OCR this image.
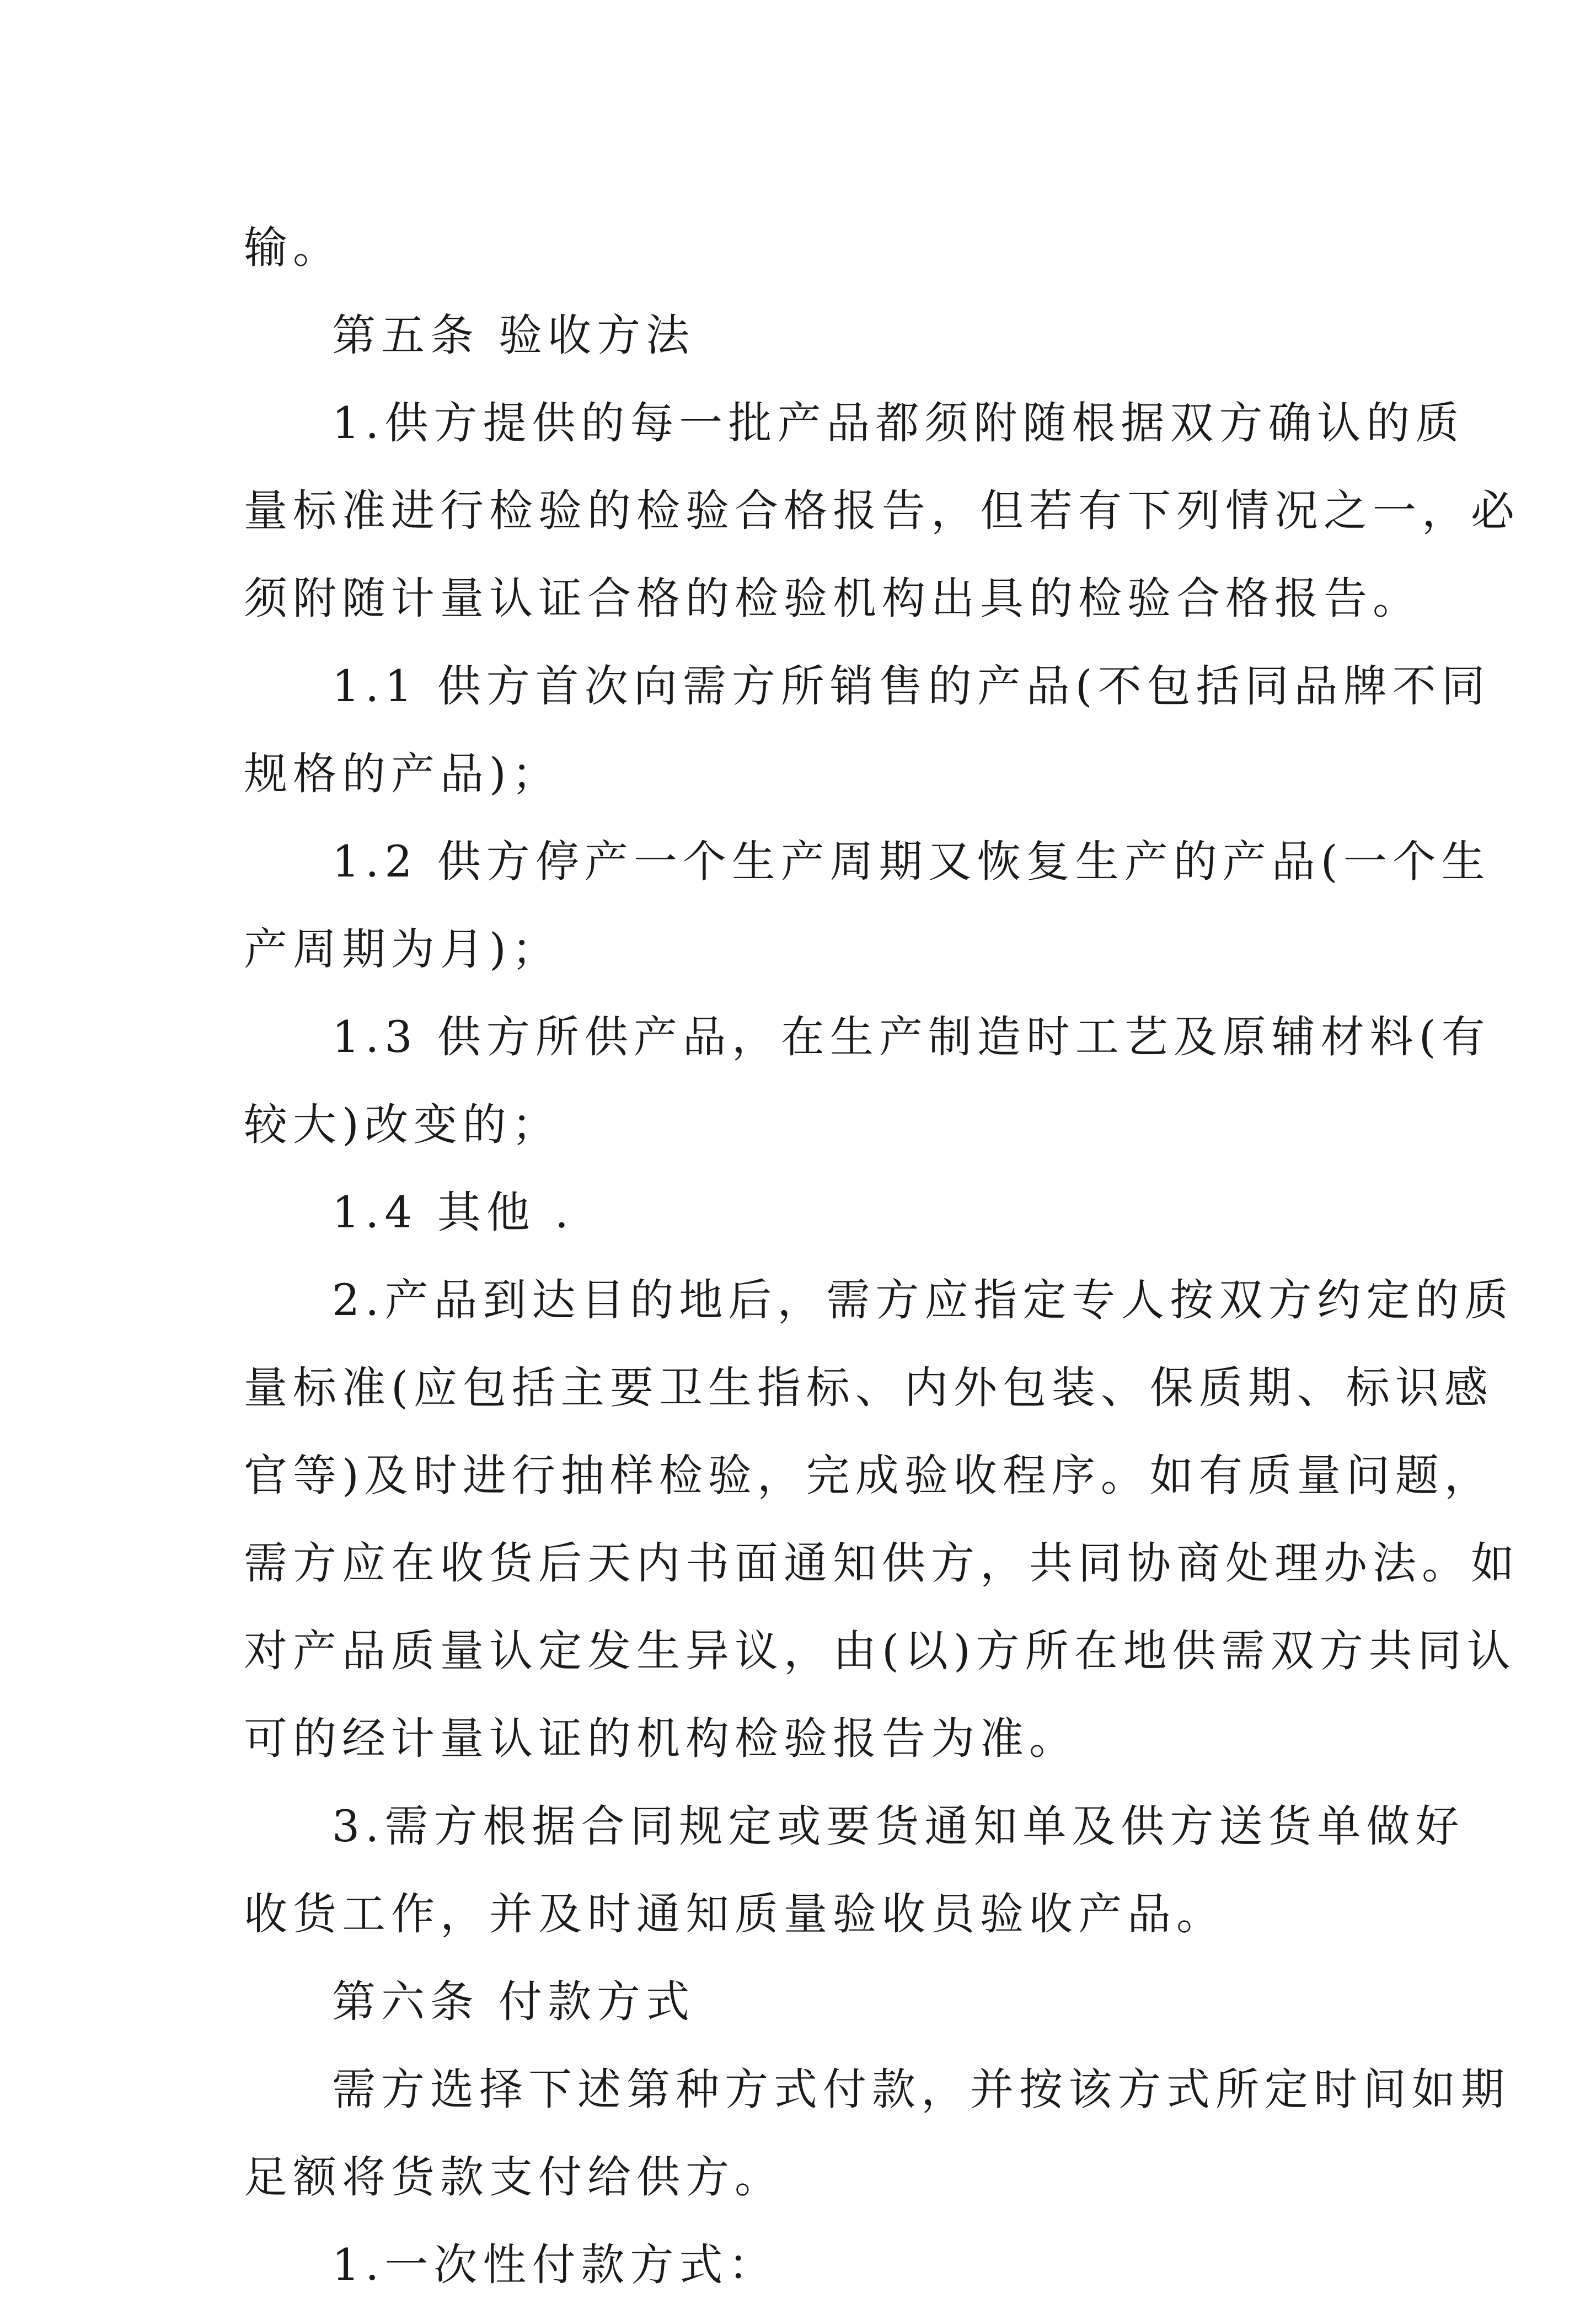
输。
第五条 验收方法
1.供方提供的每一批产品都须附随根据双方确认的质
量标准进行检验的检验合格报告，但若有下列情况之一，必
须附随计量认证合格的检验机构出具的检验合格报告。
1.1 供方首次向需方所销售的产品(不包括同品牌不同
规格的产品)；
1.2 供方停产一个生产周期又恢复生产的产品(一个生
产周期为月)；
1.3 供方所供产品，在生产制造时工艺及原辅材料(有
较大)改变的；
1.4 其他 .
2.产品到达目的地后，需方应指定专人按双方约定的质
量标准(应包括主要卫生指标、内外包装、保质期、标识感
官等)及时进行抽样检验，完成验收程序。如有质量问题，
需方应在收货后天内书面通知供方，共同协商处理办法。如
对产品质量认定发生异议，由(以)方所在地供需双方共同认
可的经计量认证的机构检验报告为准。
3.需方根据合同规定或要货通知单及供方送货单做好
收货工作，并及时通知质量验收员验收产品。
第六条 付款方式
需方选择下述第种方式付款，并按该方式所定时间如期
足额将货款支付给供方。
1.一次性付款方式：
